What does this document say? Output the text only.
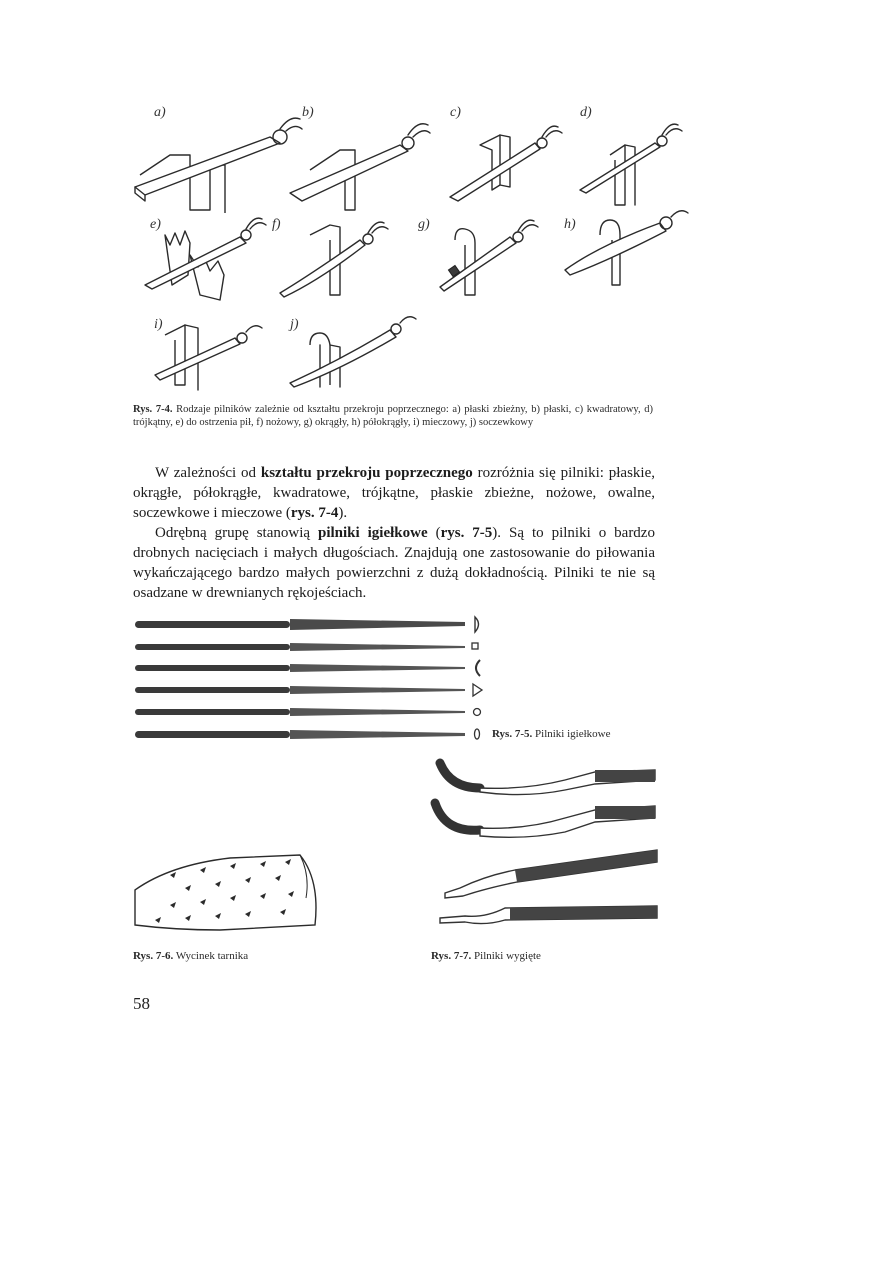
a)	b)	c)	d)
e)	f)	g)	h)
i)	j)
Rys. 7-4. Rodzaje pilników zależnie od kształtu przekroju poprzecznego: a) płaski zbieżny, b) płaski, c) kwadratowy, d) trójkątny, e) do ostrzenia pił, f) nożowy, g) okrągły, h) półokrągły, i) mieczowy, j) soczewkowy

W zależności od kształtu przekroju poprzecznego rozróżnia się pilniki: płaskie, okrągłe, półokrągłe, kwadratowe, trójkątne, płaskie zbieżne, nożowe, owalne, soczewkowe i mieczowe (rys. 7-4).

Odrębną grupę stanowią pilniki igiełkowe (rys. 7-5). Są to pilniki o bardzo drobnych nacięciach i małych długościach. Znajdują one zastosowanie do piłowania wykańczającego bardzo małych powierzchni z dużą dokładnością. Pilniki te nie są osadzane w drewnianych rękojeściach.

Rys. 7-5. Pilniki igiełkowe
Rys. 7-6. Wycinek tarnika	Rys. 7-7. Pilniki wygięte
58
